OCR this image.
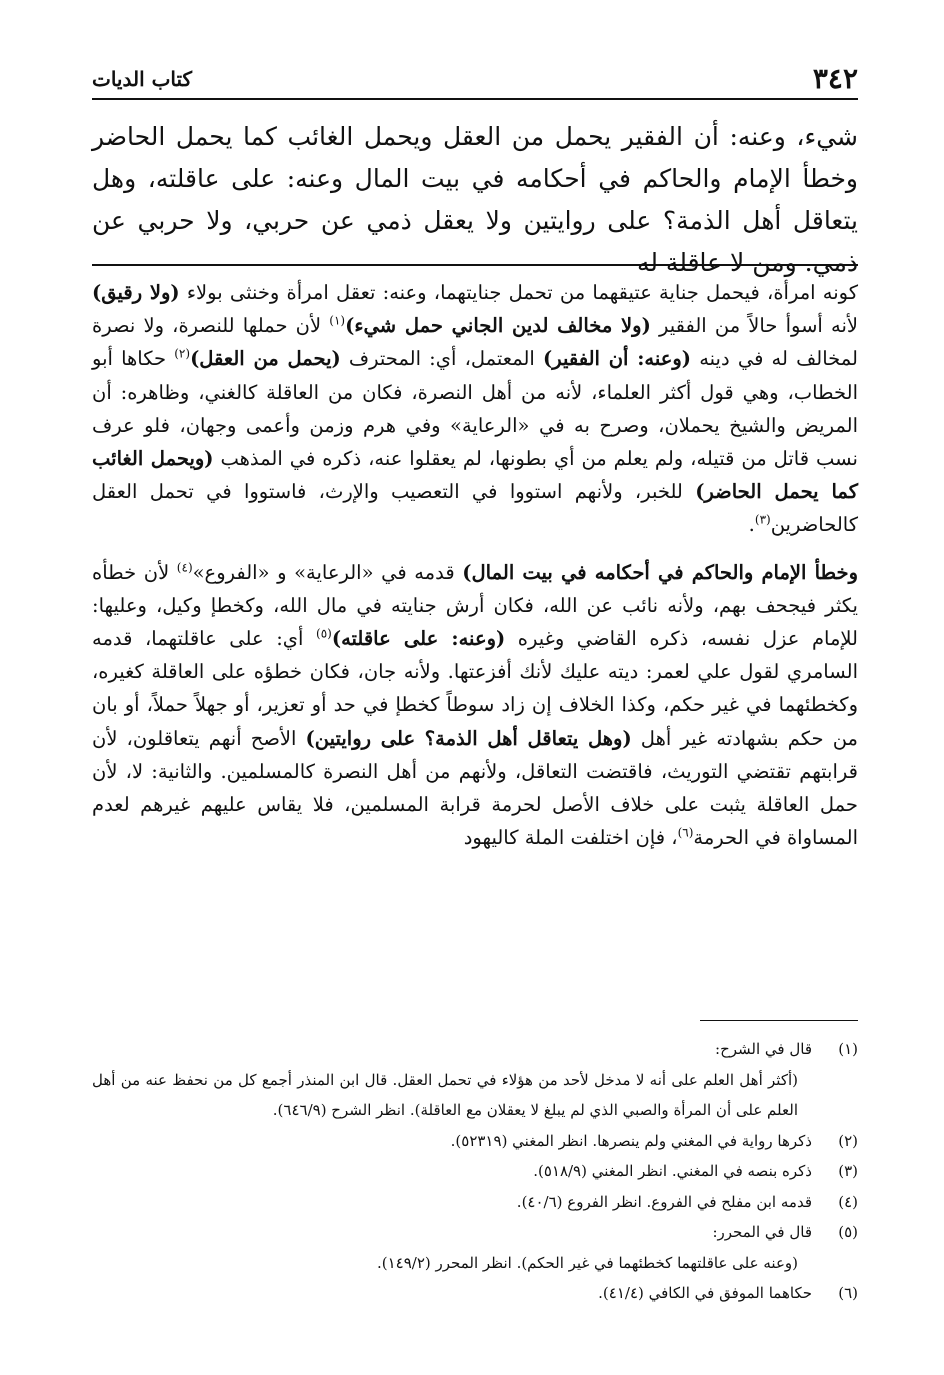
٣٤٢
كتاب الديات

شيء، وعنه: أن الفقير يحمل من العقل ويحمل الغائب كما يحمل الحاضر وخطأ الإمام والحاكم في أحكامه في بيت المال وعنه: على عاقلته، وهل يتعاقل أهل الذمة؟ على روايتين ولا يعقل ذمي عن حربي، ولا حربي عن ذمي. ومن لا عاقلة له

كونه امرأة، فيحمل جناية عتيقهما من تحمل جنايتهما، وعنه: تعقل امرأة وخنثى بولاء (ولا رقيق) لأنه أسوأ حالاً من الفقير (ولا مخالف لدين الجاني حمل شيء)$^{(١)}$ لأن حملها للنصرة، ولا نصرة لمخالف له في دينه (وعنه: أن الفقير) المعتمل، أي: المحترف (يحمل من العقل)$^{(٢)}$ حكاها أبو الخطاب، وهي قول أكثر العلماء، لأنه من أهل النصرة، فكان من العاقلة كالغني، وظاهره: أن المريض والشيخ يحملان، وصرح به في «الرعاية» وفي هرم وزمن وأعمى وجهان، فلو عرف نسب قاتل من قتيله، ولم يعلم من أي بطونها، لم يعقلوا عنه، ذكره في المذهب (ويحمل الغائب كما يحمل الحاضر) للخبر، ولأنهم استووا في التعصيب والإرث، فاستووا في تحمل العقل كالحاضرين$^{(٣)}$.

وخطأ الإمام والحاكم في أحكامه في بيت المال) قدمه في «الرعاية» و «الفروع»$^{(٤)}$ لأن خطأه يكثر فيجحف بهم، ولأنه نائب عن الله، فكان أرش جنايته في مال الله، وكخطإ وكيل، وعليها: للإمام عزل نفسه، ذكره القاضي وغيره (وعنه: على عاقلته)$^{(٥)}$ أي: على عاقلتهما، قدمه السامري لقول علي لعمر: ديته عليك لأنك أفزعتها. ولأنه جان، فكان خطؤه على العاقلة كغيره، وكخطئهما في غير حكم، وكذا الخلاف إن زاد سوطاً كخطإ في حد أو تعزير، أو جهلاً حملاً، أو بان من حكم بشهادته غير أهل (وهل يتعاقل أهل الذمة؟ على روايتين) الأصح أنهم يتعاقلون، لأن قرابتهم تقتضي التوريث، فاقتضت التعاقل، ولأنهم من أهل النصرة كالمسلمين. والثانية: لا، لأن حمل العاقلة يثبت على خلاف الأصل لحرمة قرابة المسلمين، فلا يقاس عليهم غيرهم لعدم المساواة في الحرمة$^{(٦)}$، فإن اختلفت الملة كاليهود

(١)
قال في الشرح:
(أكثر أهل العلم على أنه لا مدخل لأحد من هؤلاء في تحمل العقل. قال ابن المنذر أجمع كل من نحفظ عنه من أهل العلم على أن المرأة والصبي الذي لم يبلغ لا يعقلان مع العاقلة). انظر الشرح (٦٤٦/٩).
(٢)
ذكرها رواية في المغني ولم ينصرها. انظر المغني (٥٢٣١٩).
(٣)
ذكره بنصه في المغني. انظر المغني (٥١٨/٩).
(٤)
قدمه ابن مفلح في الفروع. انظر الفروع (٤٠/٦).
(٥)
قال في المحرر:
(وعنه على عاقلتهما كخطئهما في غير الحكم). انظر المحرر (١٤٩/٢).
(٦)
حكاهما الموفق في الكافي (٤١/٤).
